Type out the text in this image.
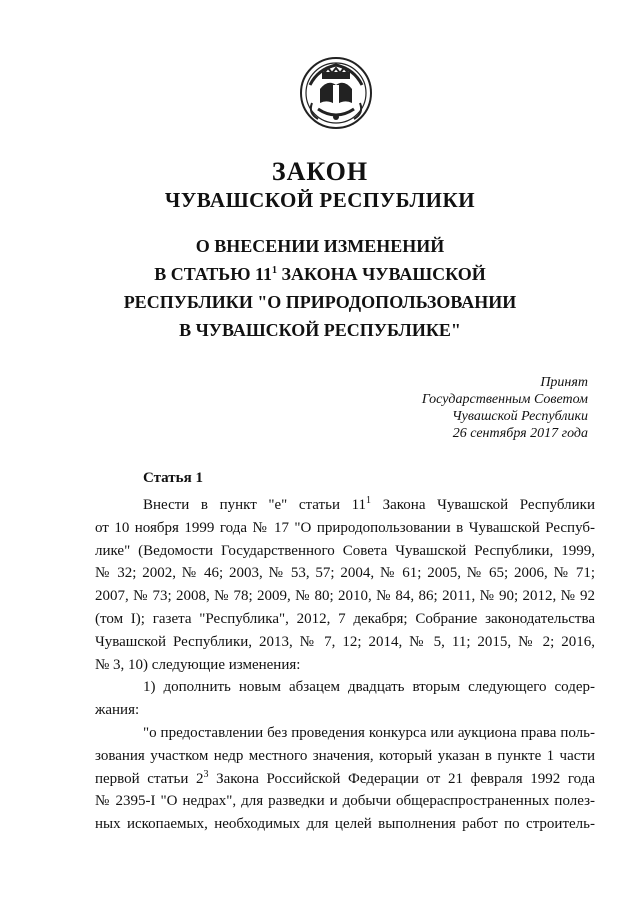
ЗАКОН
ЧУВАШСКОЙ РЕСПУБЛИКИ
О ВНЕСЕНИИ ИЗМЕНЕНИЙ
В СТАТЬЮ $11^1$ ЗАКОНА ЧУВАШСКОЙ
РЕСПУБЛИКИ "О ПРИРОДОПОЛЬЗОВАНИИ
В ЧУВАШСКОЙ РЕСПУБЛИКЕ"
Принят
Государственным Советом
Чувашской Республики
26 сентября 2017 года
Статья 1
Внести в пункт "е" статьи $11^1$ Закона Чувашской Республики
от 10 ноября 1999 года № 17 "О природопользовании в Чувашской Респуб-
лике" (Ведомости Государственного Совета Чувашской Республики, 1999,
№ 32; 2002, № 46; 2003, № 53, 57; 2004, № 61; 2005, № 65; 2006, № 71;
2007, № 73; 2008, № 78; 2009, № 80; 2010, № 84, 86; 2011, № 90; 2012, № 92
(том I); газета "Республика", 2012, 7 декабря; Собрание законодательства
Чувашской Республики, 2013, № 7, 12; 2014, № 5, 11; 2015, № 2; 2016,
№ 3, 10) следующие изменения:
1) дополнить новым абзацем двадцать вторым следующего содер-
жания:
"о предоставлении без проведения конкурса или аукциона права поль-
зования участком недр местного значения, который указан в пункте 1 части
первой статьи $2^3$ Закона Российской Федерации от 21 февраля 1992 года
№ 2395-I "О недрах", для разведки и добычи общераспространенных полез-
ных ископаемых, необходимых для целей выполнения работ по строитель-
